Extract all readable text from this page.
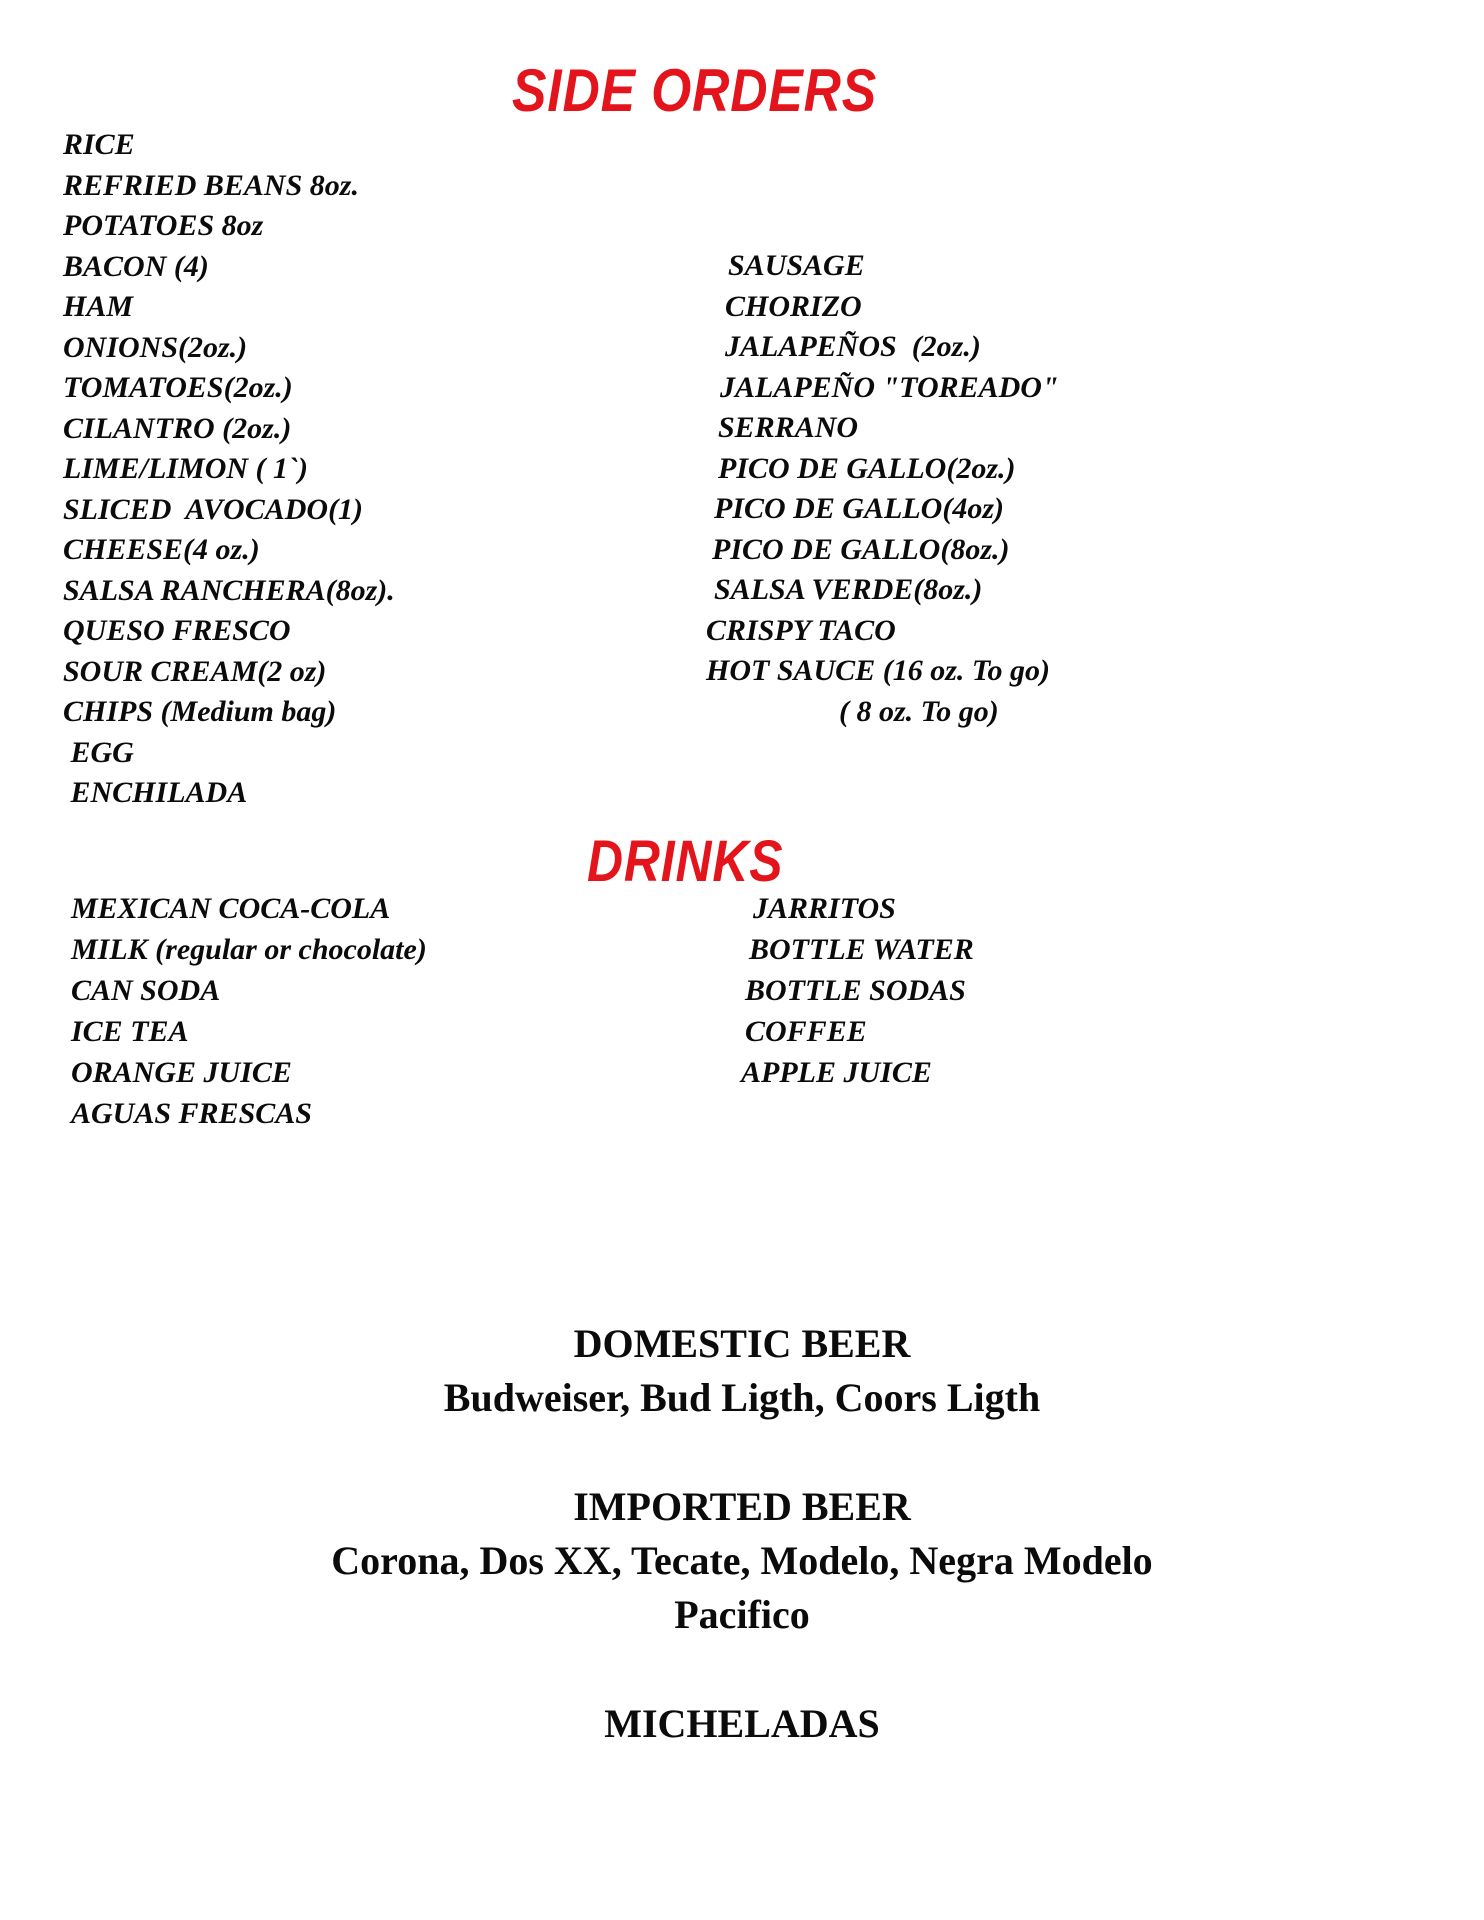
SIDE ORDERS
RICE
REFRIED BEANS 8oz.
POTATOES 8oz
BACON (4)
HAM
ONIONS(2oz.)
TOMATOES(2oz.)
CILANTRO (2oz.)
LIME/LIMON ( 1`)
SLICED  AVOCADO(1)
CHEESE(4 oz.)
SALSA RANCHERA(8oz).
QUESO FRESCO
SOUR CREAM(2 oz)
CHIPS (Medium bag)
EGG
ENCHILADA
SAUSAGE
CHORIZO
JALAPEÑOS  (2oz.)
JALAPEÑO "TOREADO"
SERRANO
PICO DE GALLO(2oz.)
PICO DE GALLO(4oz)
PICO DE GALLO(8oz.)
SALSA VERDE(8oz.)
CRISPY TACO
HOT SAUCE (16 oz. To go)
( 8 oz. To go)
DRINKS
MEXICAN COCA-COLA
MILK (regular or chocolate)
CAN SODA
ICE TEA
ORANGE JUICE
AGUAS FRESCAS
JARRITOS
BOTTLE WATER
BOTTLE SODAS
COFFEE
APPLE JUICE
DOMESTIC BEER
Budweiser, Bud Ligth, Coors Ligth
IMPORTED BEER
Corona, Dos XX, Tecate, Modelo, Negra Modelo
Pacifico
MICHELADAS
